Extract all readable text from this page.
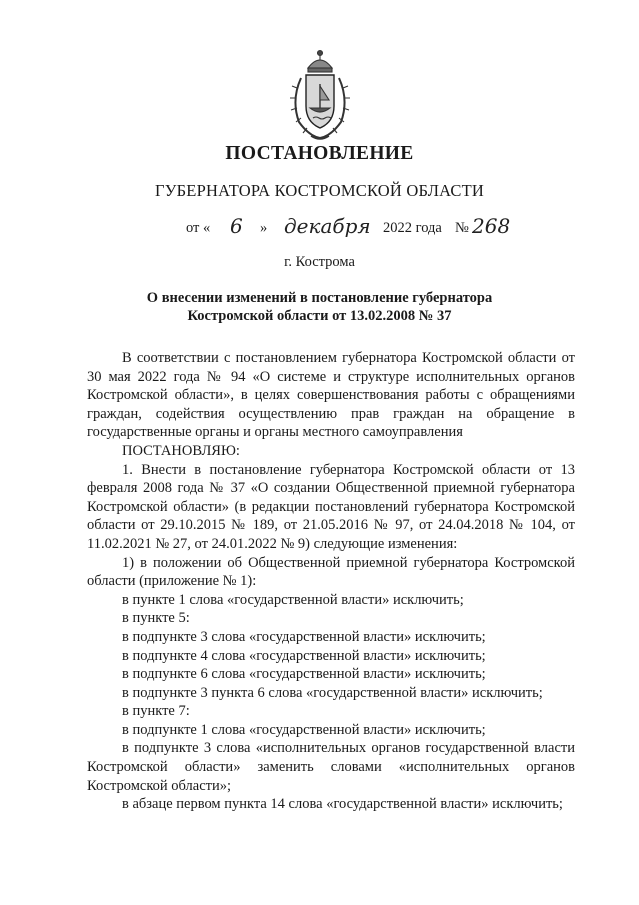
ПОСТАНОВЛЕНИЕ
ГУБЕРНАТОРА КОСТРОМСКОЙ ОБЛАСТИ
от « 6 » декабря 2022 года № 268
г. Кострома
О внесении изменений в постановление губернатора
Костромской области от 13.02.2008 № 37

В соответствии с постановлением губернатора Костромской области от 30 мая 2022 года № 94 «О системе и структуре исполнительных органов Костромской области», в целях совершенствования работы с обращениями граждан, содействия осуществлению прав граждан на обращение в государственные органы и органы местного самоуправления

ПОСТАНОВЛЯЮ:

1. Внести в постановление губернатора Костромской области от 13 февраля 2008 года № 37 «О создании Общественной приемной губернатора Костромской области» (в редакции постановлений губернатора Костромской области от 29.10.2015 № 189, от 21.05.2016 № 97, от 24.04.2018 № 104, от 11.02.2021 № 27, от 24.01.2022 № 9) следующие изменения:

1) в положении об Общественной приемной губернатора Костромской области (приложение № 1):

в пункте 1 слова «государственной власти» исключить;

в пункте 5:

в подпункте 3 слова «государственной власти» исключить;

в подпункте 4 слова «государственной власти» исключить;

в подпункте 6 слова «государственной власти» исключить;

в подпункте 3 пункта 6 слова «государственной власти» исключить;

в пункте 7:

в подпункте 1 слова «государственной власти» исключить;

в подпункте 3 слова «исполнительных органов государственной власти Костромской области» заменить словами «исполнительных органов Костромской области»;

в абзаце первом пункта 14 слова «государственной власти» исключить;
